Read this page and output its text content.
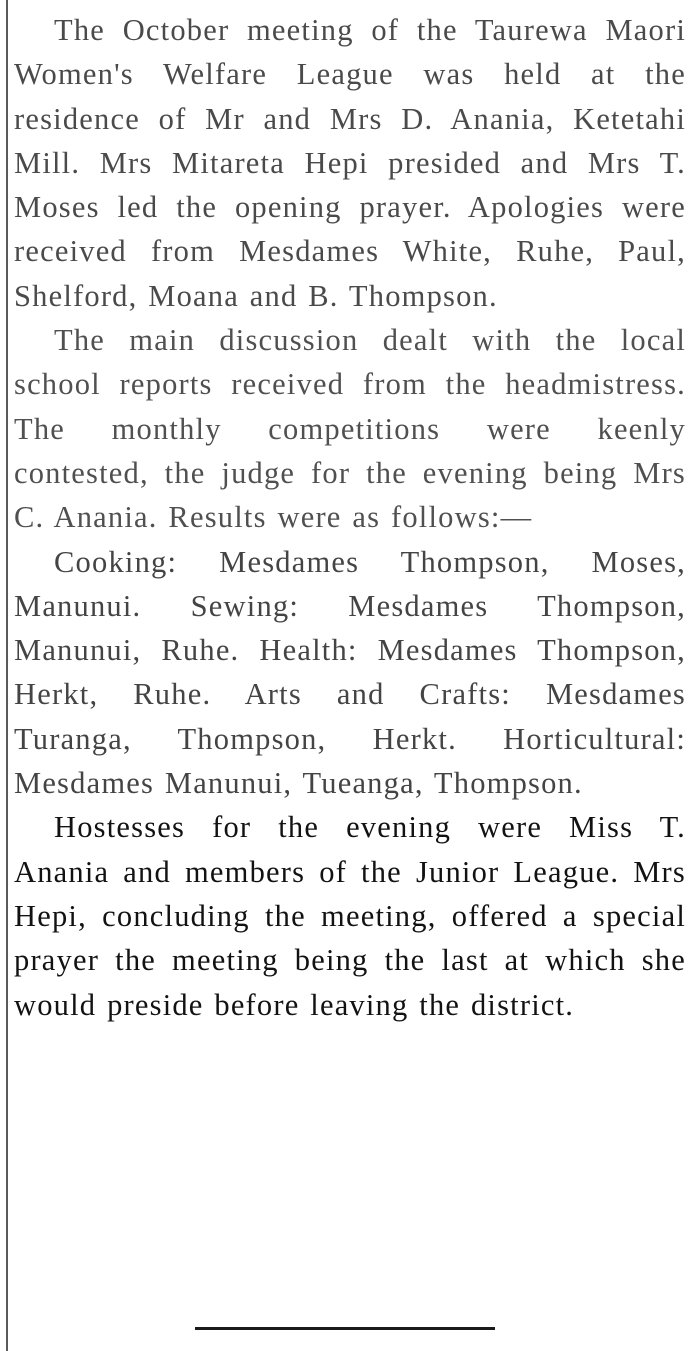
The October meeting of the Taurewa Maori Women's Welfare League was held at the residence of Mr and Mrs D. Anania, Ketetahi Mill. Mrs Mitareta Hepi presided and Mrs T. Moses led the opening prayer. Apologies were received from Mesdames White, Ruhe, Paul, Shelford, Moana and B. Thompson.

The main discussion dealt with the local school reports received from the headmistress. The monthly competitions were keenly contested, the judge for the evening being Mrs C. Anania. Results were as follows:—

Cooking: Mesdames Thompson, Moses, Manunui. Sewing: Mesdames Thompson, Manunui, Ruhe. Health: Mesdames Thompson, Herkt, Ruhe. Arts and Crafts: Mesdames Turanga, Thompson, Herkt. Horticultural: Mesdames Manunui, Tueanga, Thompson.

Hostesses for the evening were Miss T. Anania and members of the Junior League. Mrs Hepi, concluding the meeting, offered a special prayer the meeting being the last at which she would preside before leaving the district.
